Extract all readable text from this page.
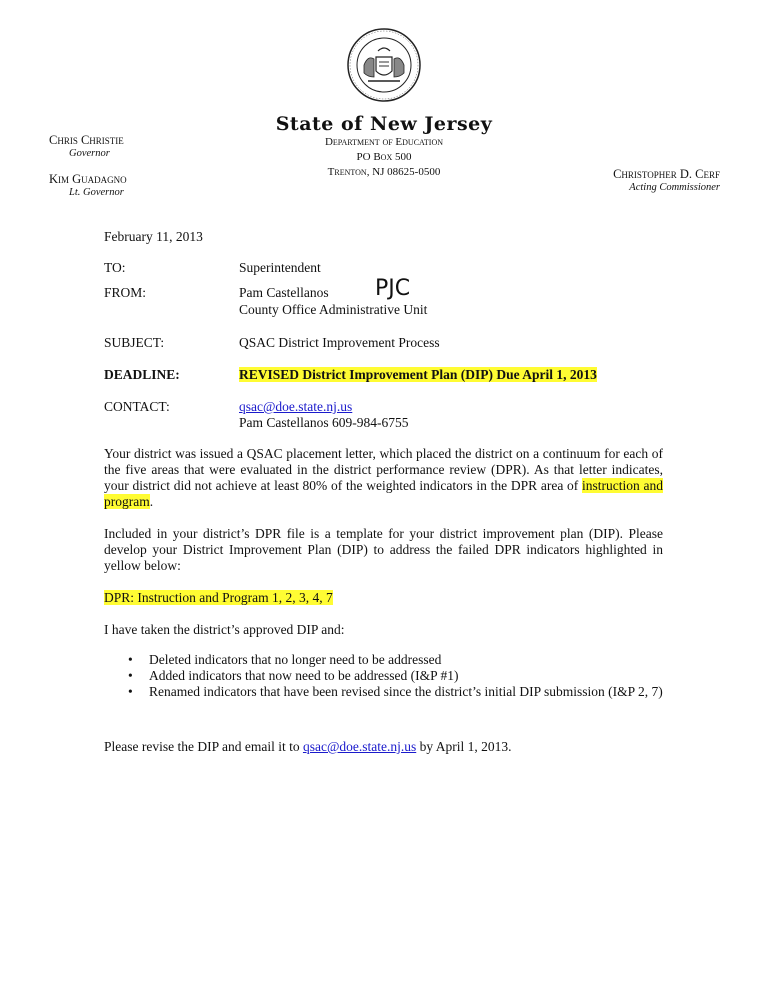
State of New Jersey
Department of Education
PO Box 500
Trenton, NJ 08625-0500
Chris Christie
Governor
Kim Guadagno
Lt. Governor
Christopher D. Cerf
Acting Commissioner
February 11, 2013
TO:	Superintendent
FROM:	Pam Castellanos
County Office Administrative Unit
PJC
SUBJECT:	QSAC District Improvement Process
DEADLINE:	REVISED District Improvement Plan (DIP) Due April 1, 2013
CONTACT:	qsac@doe.state.nj.us
Pam Castellanos 609-984-6755
Your district was issued a QSAC placement letter, which placed the district on a continuum for each of the five areas that were evaluated in the district performance review (DPR). As that letter indicates, your district did not achieve at least 80% of the weighted indicators in the DPR area of instruction and program.
Included in your district’s DPR file is a template for your district improvement plan (DIP). Please develop your District Improvement Plan (DIP) to address the failed DPR indicators highlighted in yellow below:
DPR: Instruction and Program 1, 2, 3, 4, 7
I have taken the district’s approved DIP and:
• Deleted indicators that no longer need to be addressed
• Added indicators that now need to be addressed (I&P #1)
• Renamed indicators that have been revised since the district’s initial DIP submission (I&P 2, 7)
Please revise the DIP and email it to qsac@doe.state.nj.us by April 1, 2013.
